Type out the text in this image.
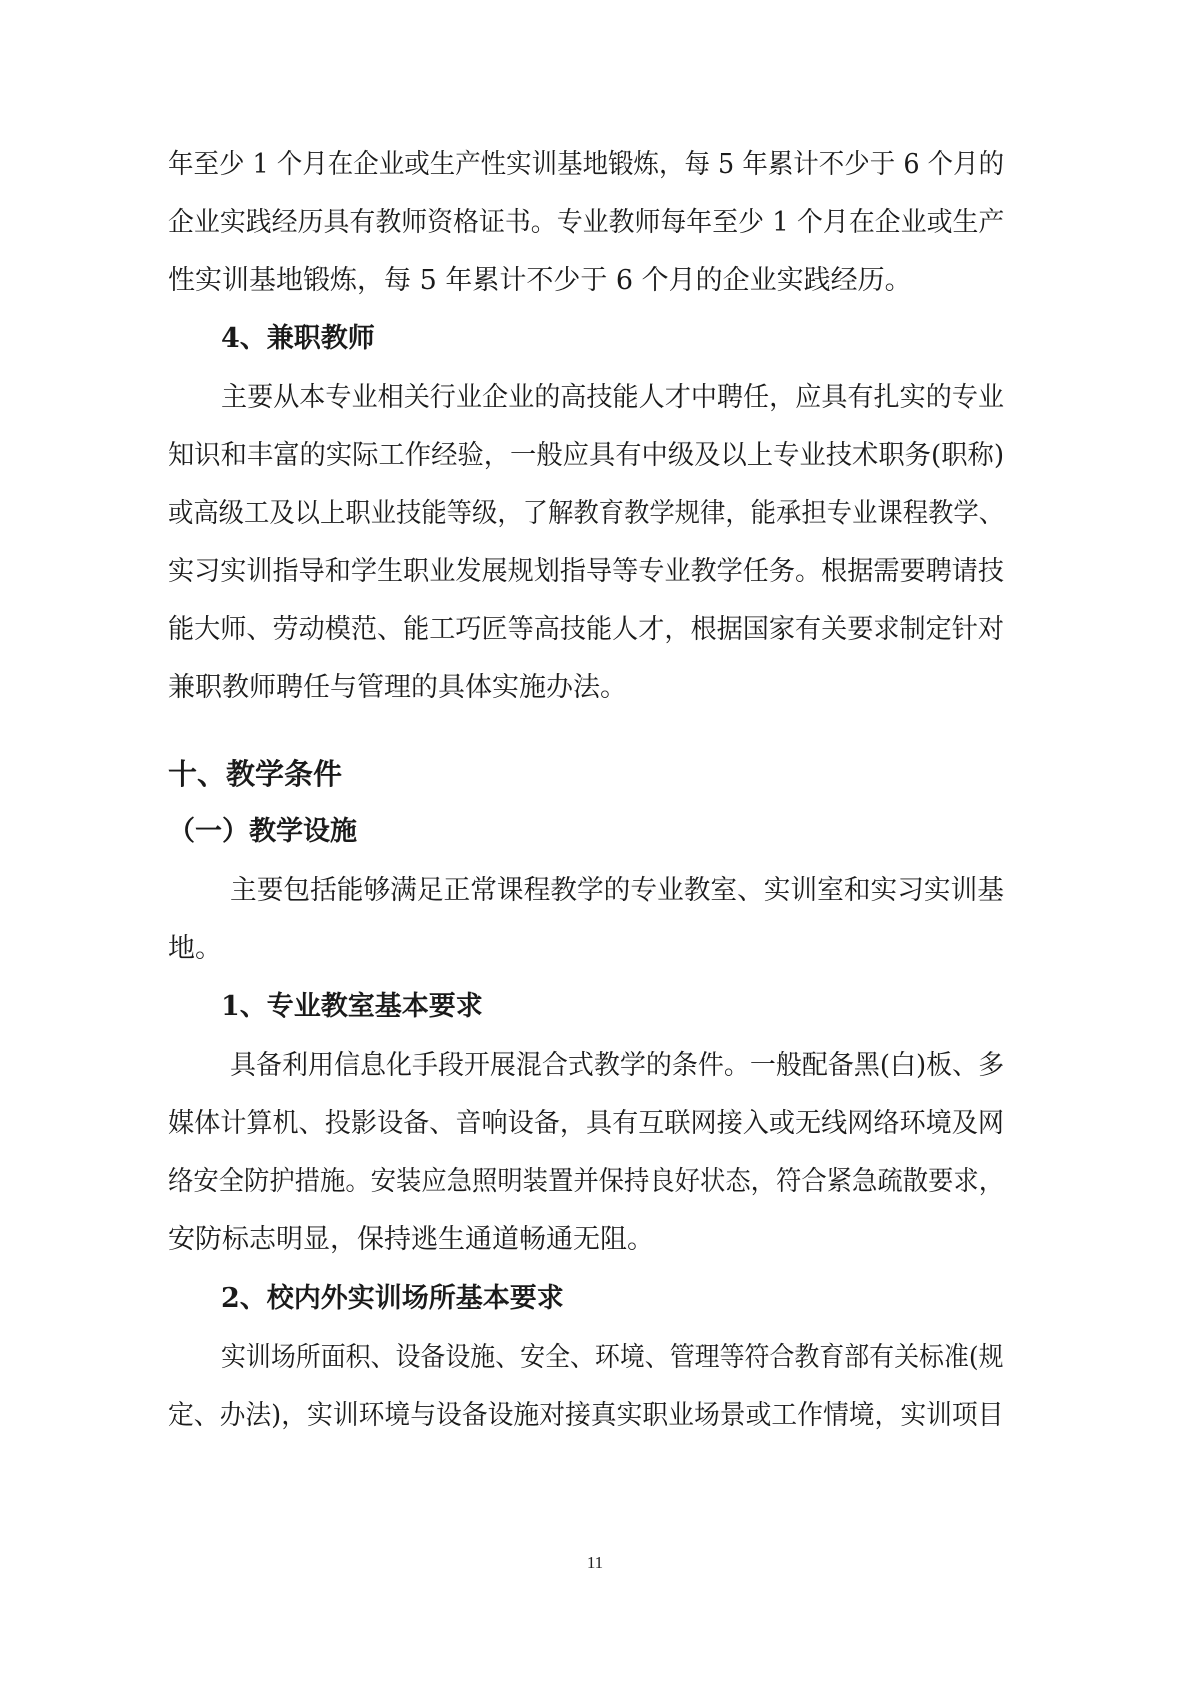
年至少 1 个月在企业或生产性实训基地锻炼，每 5 年累计不少于 6 个月的
企业实践经历具有教师资格证书。专业教师每年至少 1 个月在企业或生产
性实训基地锻炼，每 5 年累计不少于 6 个月的企业实践经历。
4、兼职教师
主要从本专业相关行业企业的高技能人才中聘任，应具有扎实的专业
知识和丰富的实际工作经验，一般应具有中级及以上专业技术职务(职称)
或高级工及以上职业技能等级，了解教育教学规律，能承担专业课程教学、
实习实训指导和学生职业发展规划指导等专业教学任务。根据需要聘请技
能大师、劳动模范、能工巧匠等高技能人才，根据国家有关要求制定针对
兼职教师聘任与管理的具体实施办法。
十、教学条件
（一）教学设施
主要包括能够满足正常课程教学的专业教室、实训室和实习实训基
地。
1、专业教室基本要求
具备利用信息化手段开展混合式教学的条件。一般配备黑(白)板、多
媒体计算机、投影设备、音响设备，具有互联网接入或无线网络环境及网
络安全防护措施。安装应急照明装置并保持良好状态，符合紧急疏散要求，
安防标志明显，保持逃生通道畅通无阻。
2、校内外实训场所基本要求
实训场所面积、设备设施、安全、环境、管理等符合教育部有关标准(规
定、办法)，实训环境与设备设施对接真实职业场景或工作情境，实训项目
11
